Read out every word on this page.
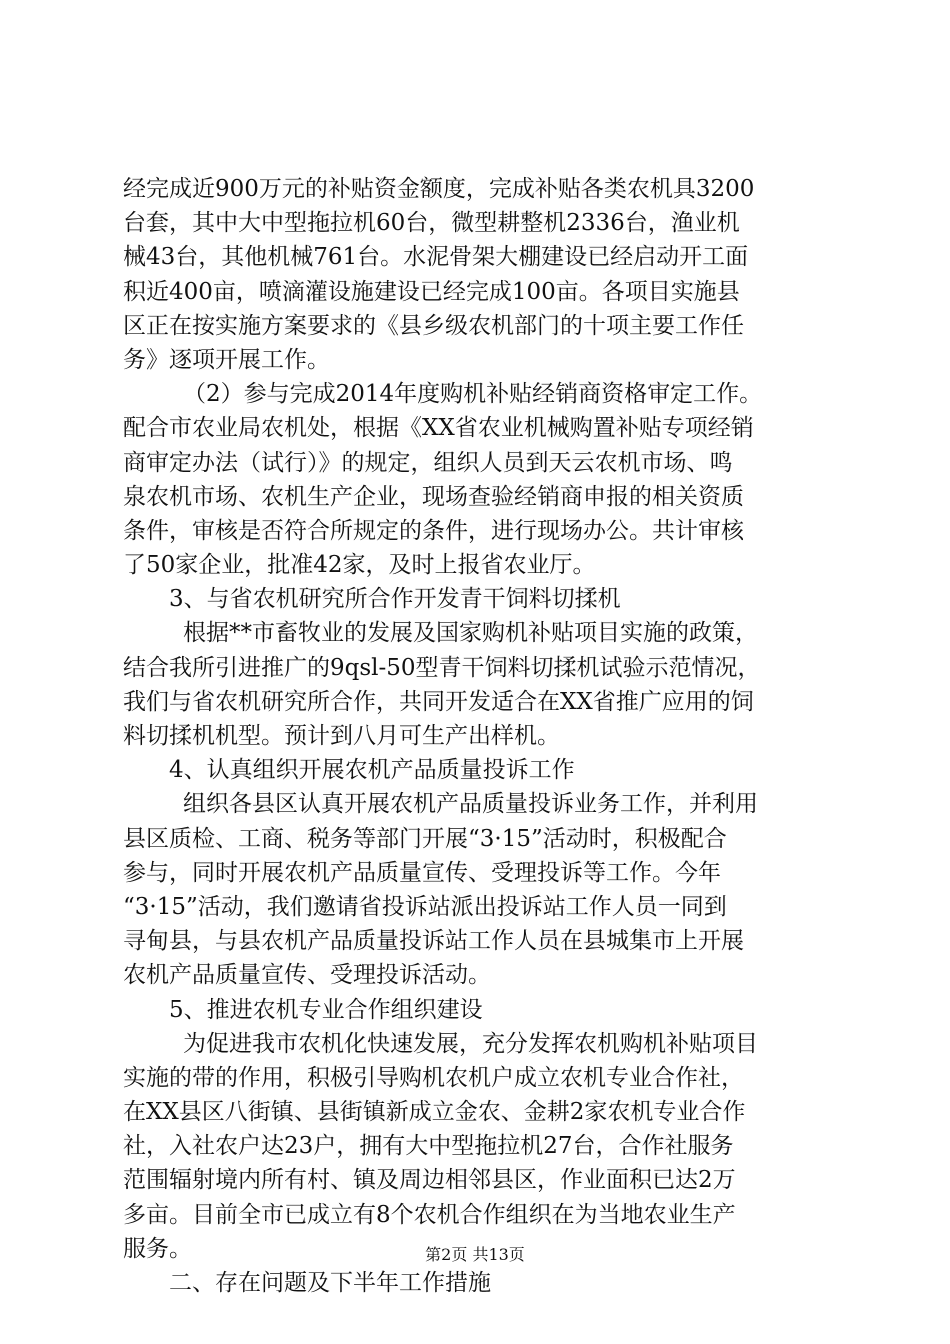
经完成近900万元的补贴资金额度，完成补贴各类农机具3200
台套，其中大中型拖拉机60台，微型耕整机2336台，渔业机
械43台，其他机械761台。水泥骨架大棚建设已经启动开工面
积近400亩，喷滴灌设施建设已经完成100亩。各项目实施县
区正在按实施方案要求的《县乡级农机部门的十项主要工作任
务》逐项开展工作。
（2）参与完成2014年度购机补贴经销商资格审定工作。
配合市农业局农机处，根据《XX省农业机械购置补贴专项经销
商审定办法（试行）》的规定，组织人员到天云农机市场、鸣
泉农机市场、农机生产企业，现场查验经销商申报的相关资质
条件，审核是否符合所规定的条件，进行现场办公。共计审核
了50家企业，批准42家，及时上报省农业厅。
3、与省农机研究所合作开发青干饲料切揉机
根据**市畜牧业的发展及国家购机补贴项目实施的政策，
结合我所引进推广的9qsl-50型青干饲料切揉机试验示范情况，
我们与省农机研究所合作，共同开发适合在XX省推广应用的饲
料切揉机机型。预计到八月可生产出样机。
4、认真组织开展农机产品质量投诉工作
组织各县区认真开展农机产品质量投诉业务工作，并利用
县区质检、工商、税务等部门开展“3·15”活动时，积极配合
参与，同时开展农机产品质量宣传、受理投诉等工作。今年
“3·15”活动，我们邀请省投诉站派出投诉站工作人员一同到
寻甸县，与县农机产品质量投诉站工作人员在县城集市上开展
农机产品质量宣传、受理投诉活动。
5、推进农机专业合作组织建设
为促进我市农机化快速发展，充分发挥农机购机补贴项目
实施的带的作用，积极引导购机农机户成立农机专业合作社，
在XX县区八街镇、县街镇新成立金农、金耕2家农机专业合作
社，入社农户达23户，拥有大中型拖拉机27台，合作社服务
范围辐射境内所有村、镇及周边相邻县区，作业面积已达2万
多亩。目前全市已成立有8个农机合作组织在为当地农业生产
服务。
二、存在问题及下半年工作措施
第2页 共13页
